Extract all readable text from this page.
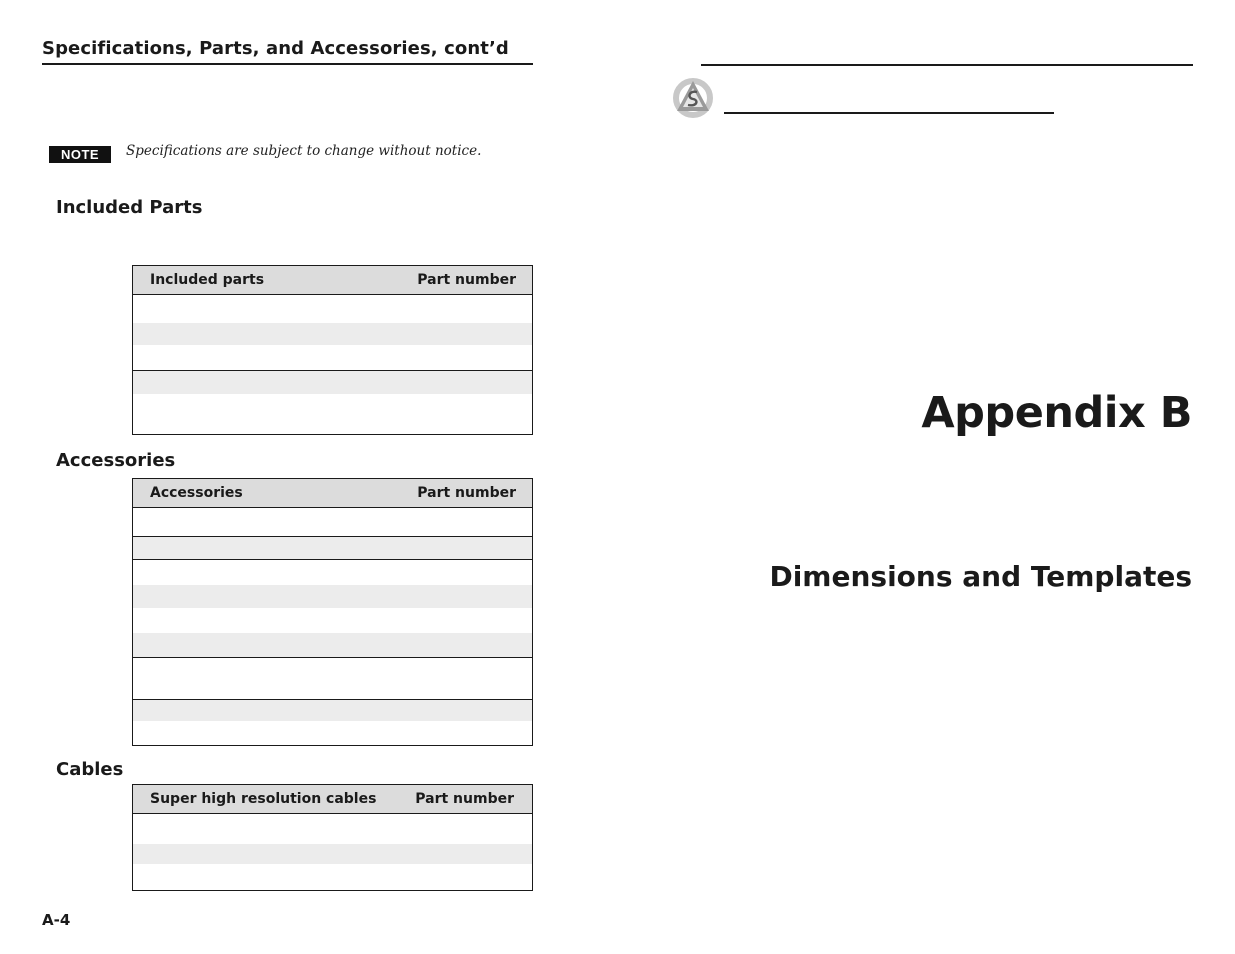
Specifications, Parts, and Accessories, cont’d
NOTE	Specifications are subject to change without notice.
Included Parts
Included parts	Part number
Accessories
Accessories	Part number
Cables
Super high resolution cables	Part number
A-4
Appendix B
Dimensions and Templates
